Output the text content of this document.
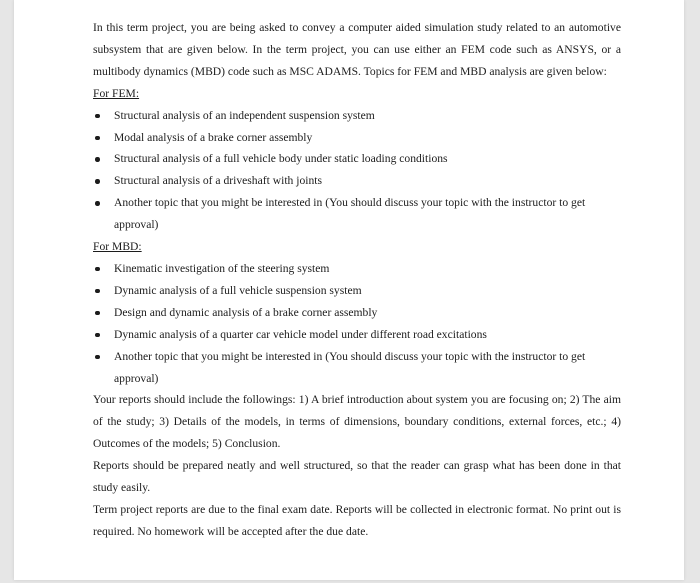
In this term project, you are being asked to convey a computer aided simulation study related to an automotive subsystem that are given below. In the term project, you can use either an FEM code such as ANSYS, or a multibody dynamics (MBD) code such as MSC ADAMS. Topics for FEM and MBD analysis are given below:

For FEM:

Structural analysis of an independent suspension system
Modal analysis of a brake corner assembly
Structural analysis of a full vehicle body under static loading conditions
Structural analysis of a driveshaft with joints
Another topic that you might be interested in (You should discuss your topic with the instructor to get approval)

For MBD:

Kinematic investigation of the steering system
Dynamic analysis of a full vehicle suspension system
Design and dynamic analysis of a brake corner assembly
Dynamic analysis of a quarter car vehicle model under different road excitations
Another topic that you might be interested in (You should discuss your topic with the instructor to get approval)

Your reports should include the followings: 1) A brief introduction about system you are focusing on; 2) The aim of the study; 3) Details of the models, in terms of dimensions, boundary conditions, external forces, etc.; 4) Outcomes of the models; 5) Conclusion.

Reports should be prepared neatly and well structured, so that the reader can grasp what has been done in that study easily.

Term project reports are due to the final exam date. Reports will be collected in electronic format. No print out is required. No homework will be accepted after the due date.
